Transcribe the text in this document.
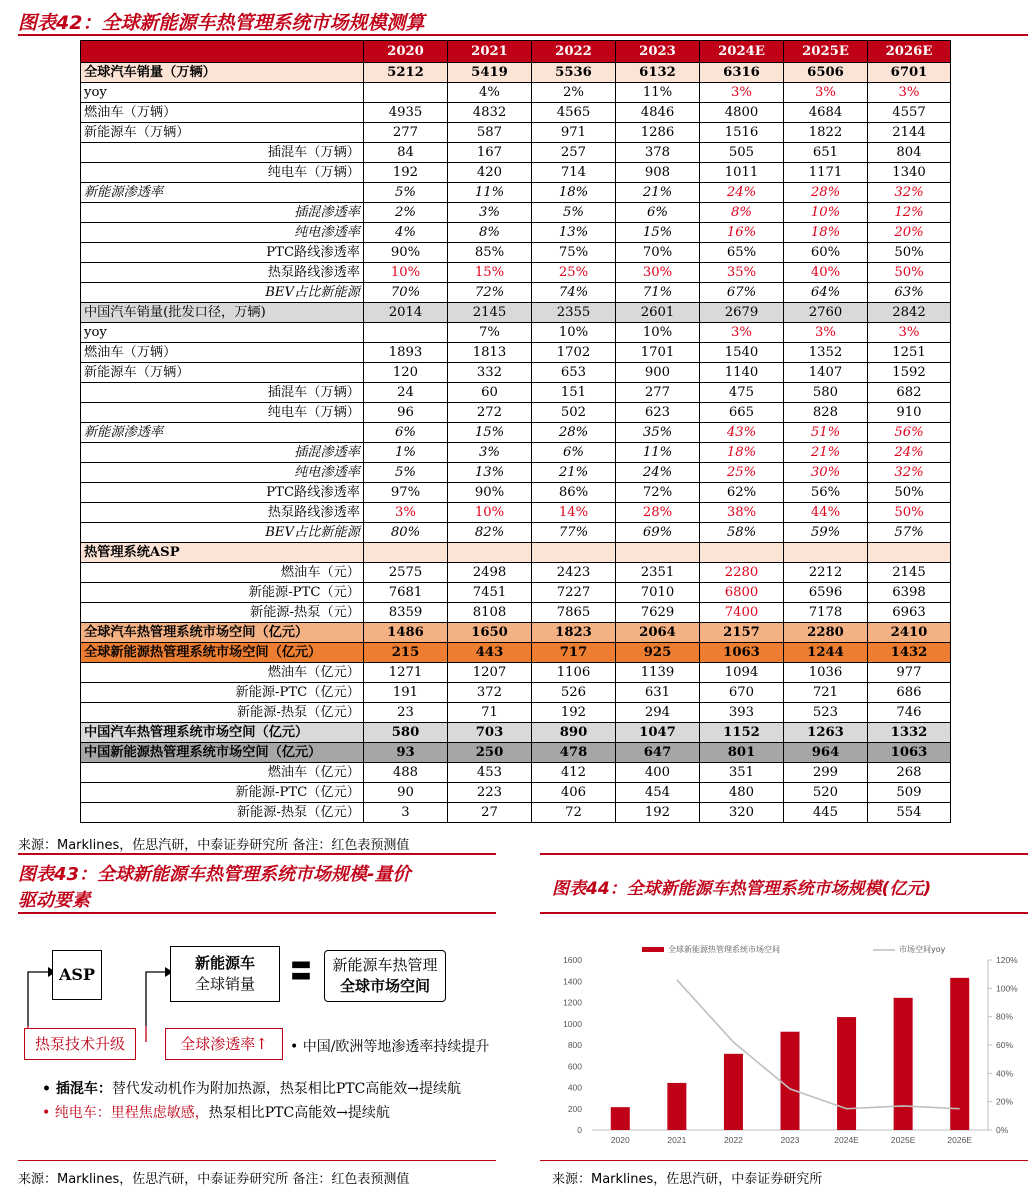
图表42：全球新能源车热管理系统市场规模测算
	2020	2021	2022	2023	2024E	2025E	2026E
全球汽车销量（万辆）	5212	5419	5536	6132	6316	6506	6701
yoy		4%	2%	11%	3%	3%	3%
燃油车（万辆）	4935	4832	4565	4846	4800	4684	4557
新能源车（万辆）	277	587	971	1286	1516	1822	2144
插混车（万辆）	84	167	257	378	505	651	804
纯电车（万辆）	192	420	714	908	1011	1171	1340
新能源渗透率	5%	11%	18%	21%	24%	28%	32%
插混渗透率	2%	3%	5%	6%	8%	10%	12%
纯电渗透率	4%	8%	13%	15%	16%	18%	20%
PTC路线渗透率	90%	85%	75%	70%	65%	60%	50%
热泵路线渗透率	10%	15%	25%	30%	35%	40%	50%
BEV占比新能源	70%	72%	74%	71%	67%	64%	63%
中国汽车销量(批发口径，万辆)	2014	2145	2355	2601	2679	2760	2842
yoy		7%	10%	10%	3%	3%	3%
燃油车（万辆）	1893	1813	1702	1701	1540	1352	1251
新能源车（万辆）	120	332	653	900	1140	1407	1592
插混车（万辆）	24	60	151	277	475	580	682
纯电车（万辆）	96	272	502	623	665	828	910
新能源渗透率	6%	15%	28%	35%	43%	51%	56%
插混渗透率	1%	3%	6%	11%	18%	21%	24%
纯电渗透率	5%	13%	21%	24%	25%	30%	32%
PTC路线渗透率	97%	90%	86%	72%	62%	56%	50%
热泵路线渗透率	3%	10%	14%	28%	38%	44%	50%
BEV占比新能源	80%	82%	77%	69%	58%	59%	57%
热管理系统ASP							
燃油车（元）	2575	2498	2423	2351	2280	2212	2145
新能源-PTC（元）	7681	7451	7227	7010	6800	6596	6398
新能源-热泵（元）	8359	8108	7865	7629	7400	7178	6963
全球汽车热管理系统市场空间（亿元）	1486	1650	1823	2064	2157	2280	2410
全球新能源热管理系统市场空间（亿元）	215	443	717	925	1063	1244	1432
燃油车（亿元）	1271	1207	1106	1139	1094	1036	977
新能源-PTC（亿元）	191	372	526	631	670	721	686
新能源-热泵（亿元）	23	71	192	294	393	523	746
中国汽车热管理系统市场空间（亿元）	580	703	890	1047	1152	1263	1332
中国新能源热管理系统市场空间（亿元）	93	250	478	647	801	964	1063
燃油车（亿元）	488	453	412	400	351	299	268
新能源-PTC（亿元）	90	223	406	454	480	520	509
新能源-热泵（亿元）	3	27	72	192	320	445	554
来源：Marklines，佐思汽研，中泰证券研究所 备注：红色表预测值
图表43：全球新能源车热管理系统市场规模-量价
驱动要素
ASP
新能源车
全球销量	〓	新能源车热管理
全球市场空间
热泵技术升级	全球渗透率↑	• 中国/欧洲等地渗透率持续提升
• 插混车：替代发动机作为附加热源，热泵相比PTC高能效→提续航
• 纯电车：里程焦虑敏感，热泵相比PTC高能效→提续航
来源：Marklines，佐思汽研，中泰证券研究所 备注：红色表预测值
图表44：全球新能源车热管理系统市场规模(亿元)
全球新能源热管理系统市场空间	市场空间yoy
0
200
400
600
800
1000
1200
1400
1600
0%
20%
40%
60%
80%
100%
120%
2020	2021	2022	2023	2024E	2025E	2026E
来源：Marklines，佐思汽研，中泰证券研究所
